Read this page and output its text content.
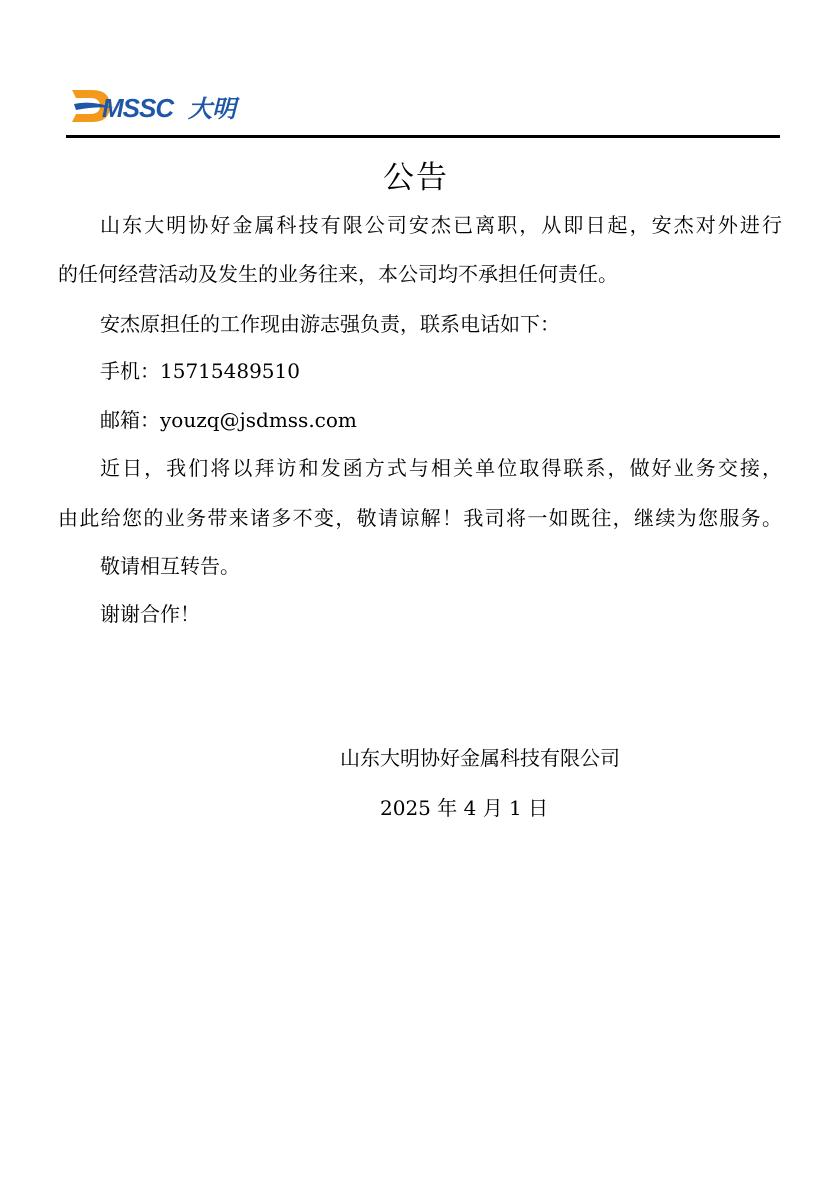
MSSC 大明
公告
山东大明协好金属科技有限公司安杰已离职，从即日起，安杰对外进行
的任何经营活动及发生的业务往来，本公司均不承担任何责任。
安杰原担任的工作现由游志强负责，联系电话如下：
手机：15715489510
邮箱：youzq@jsdmss.com
近日，我们将以拜访和发函方式与相关单位取得联系，做好业务交接，
由此给您的业务带来诸多不变，敬请谅解！我司将一如既往，继续为您服务。
敬请相互转告。
谢谢合作！
山东大明协好金属科技有限公司
2025 年 4 月 1 日
